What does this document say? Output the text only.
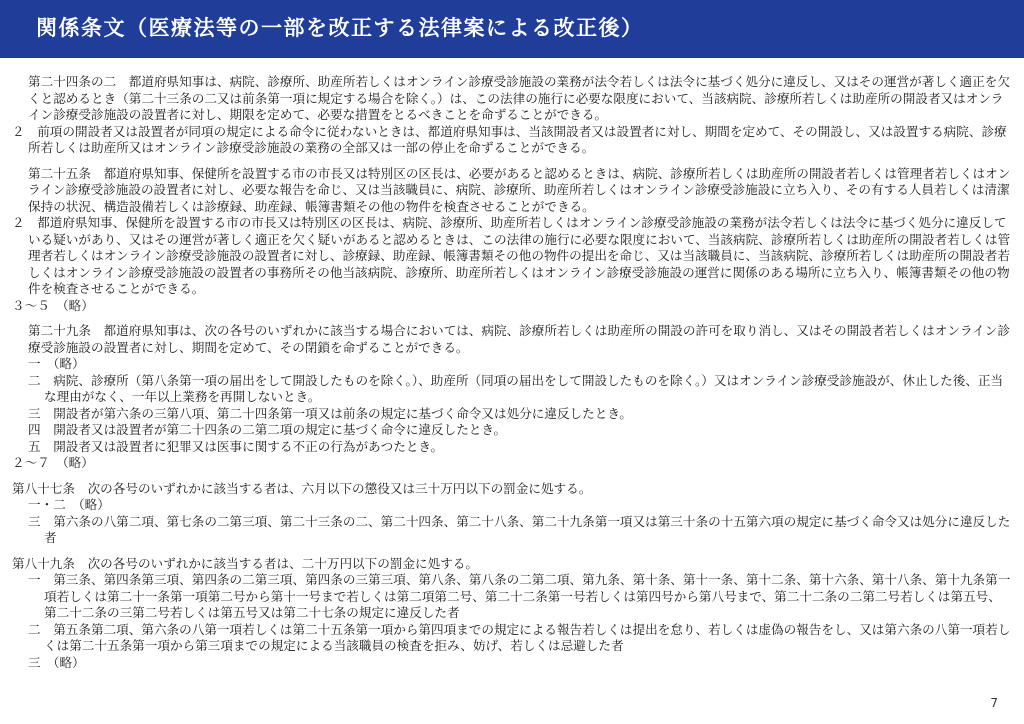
関係条文（医療法等の一部を改正する法律案による改正後）

第二十四条の二　都道府県知事は、病院、診療所、助産所若しくはオンライン診療受診施設の業務が法令若しくは法令に基づく処分に違反し、又はその運営が著しく適正を欠くと認めるとき（第二十三条の二又は前条第一項に規定する場合を除く。）は、この法律の施行に必要な限度において、当該病院、診療所若しくは助産所の開設者又はオンライン診療受診施設の設置者に対し、期限を定めて、必要な措置をとるべきことを命ずることができる。

２　前項の開設者又は設置者が同項の規定による命令に従わないときは、都道府県知事は、当該開設者又は設置者に対し、期間を定めて、その開設し、又は設置する病院、診療所若しくは助産所又はオンライン診療受診施設の業務の全部又は一部の停止を命ずることができる。

第二十五条　都道府県知事、保健所を設置する市の市長又は特別区の区長は、必要があると認めるときは、病院、診療所若しくは助産所の開設者若しくは管理者若しくはオンライン診療受診施設の設置者に対し、必要な報告を命じ、又は当該職員に、病院、診療所、助産所若しくはオンライン診療受診施設に立ち入り、その有する人員若しくは清潔保持の状況、構造設備若しくは診療録、助産録、帳簿書類その他の物件を検査させることができる。

２　都道府県知事、保健所を設置する市の市長又は特別区の区長は、病院、診療所、助産所若しくはオンライン診療受診施設の業務が法令若しくは法令に基づく処分に違反している疑いがあり、又はその運営が著しく適正を欠く疑いがあると認めるときは、この法律の施行に必要な限度において、当該病院、診療所若しくは助産所の開設者若しくは管理者若しくはオンライン診療受診施設の設置者に対し、診療録、助産録、帳簿書類その他の物件の提出を命じ、又は当該職員に、当該病院、診療所若しくは助産所の開設者若しくはオンライン診療受診施設の設置者の事務所その他当該病院、診療所、助産所若しくはオンライン診療受診施設の運営に関係のある場所に立ち入り、帳簿書類その他の物件を検査させることができる。

３～５　（略）

第二十九条　都道府県知事は、次の各号のいずれかに該当する場合においては、病院、診療所若しくは助産所の開設の許可を取り消し、又はその開設者若しくはオンライン診療受診施設の設置者に対し、期間を定めて、その閉鎖を命ずることができる。

一　（略）

二　病院、診療所（第八条第一項の届出をして開設したものを除く。）、助産所（同項の届出をして開設したものを除く。）又はオンライン診療受診施設が、休止した後、正当な理由がなく、一年以上業務を再開しないとき。

三　開設者が第六条の三第八項、第二十四条第一項又は前条の規定に基づく命令又は処分に違反したとき。

四　開設者又は設置者が第二十四条の二第二項の規定に基づく命令に違反したとき。

五　開設者又は設置者に犯罪又は医事に関する不正の行為があつたとき。

２～７　（略）

第八十七条　次の各号のいずれかに該当する者は、六月以下の懲役又は三十万円以下の罰金に処する。

一・二　（略）

三　第六条の八第二項、第七条の二第三項、第二十三条の二、第二十四条、第二十八条、第二十九条第一項又は第三十条の十五第六項の規定に基づく命令又は処分に違反した者

第八十九条　次の各号のいずれかに該当する者は、二十万円以下の罰金に処する。

一　第三条、第四条第三項、第四条の二第三項、第四条の三第三項、第八条、第八条の二第二項、第九条、第十条、第十一条、第十二条、第十六条、第十八条、第十九条第一項若しくは第二十一条第一項第二号から第十一号まで若しくは第二項第二号、第二十二条第一号若しくは第四号から第八号まで、第二十二条の二第二号若しくは第五号、第二十二条の三第二号若しくは第五号又は第二十七条の規定に違反した者

二　第五条第二項、第六条の八第一項若しくは第二十五条第一項から第四項までの規定による報告若しくは提出を怠り、若しくは虚偽の報告をし、又は第六条の八第一項若しくは第二十五条第一項から第三項までの規定による当該職員の検査を拒み、妨げ、若しくは忌避した者

三　（略）

7
